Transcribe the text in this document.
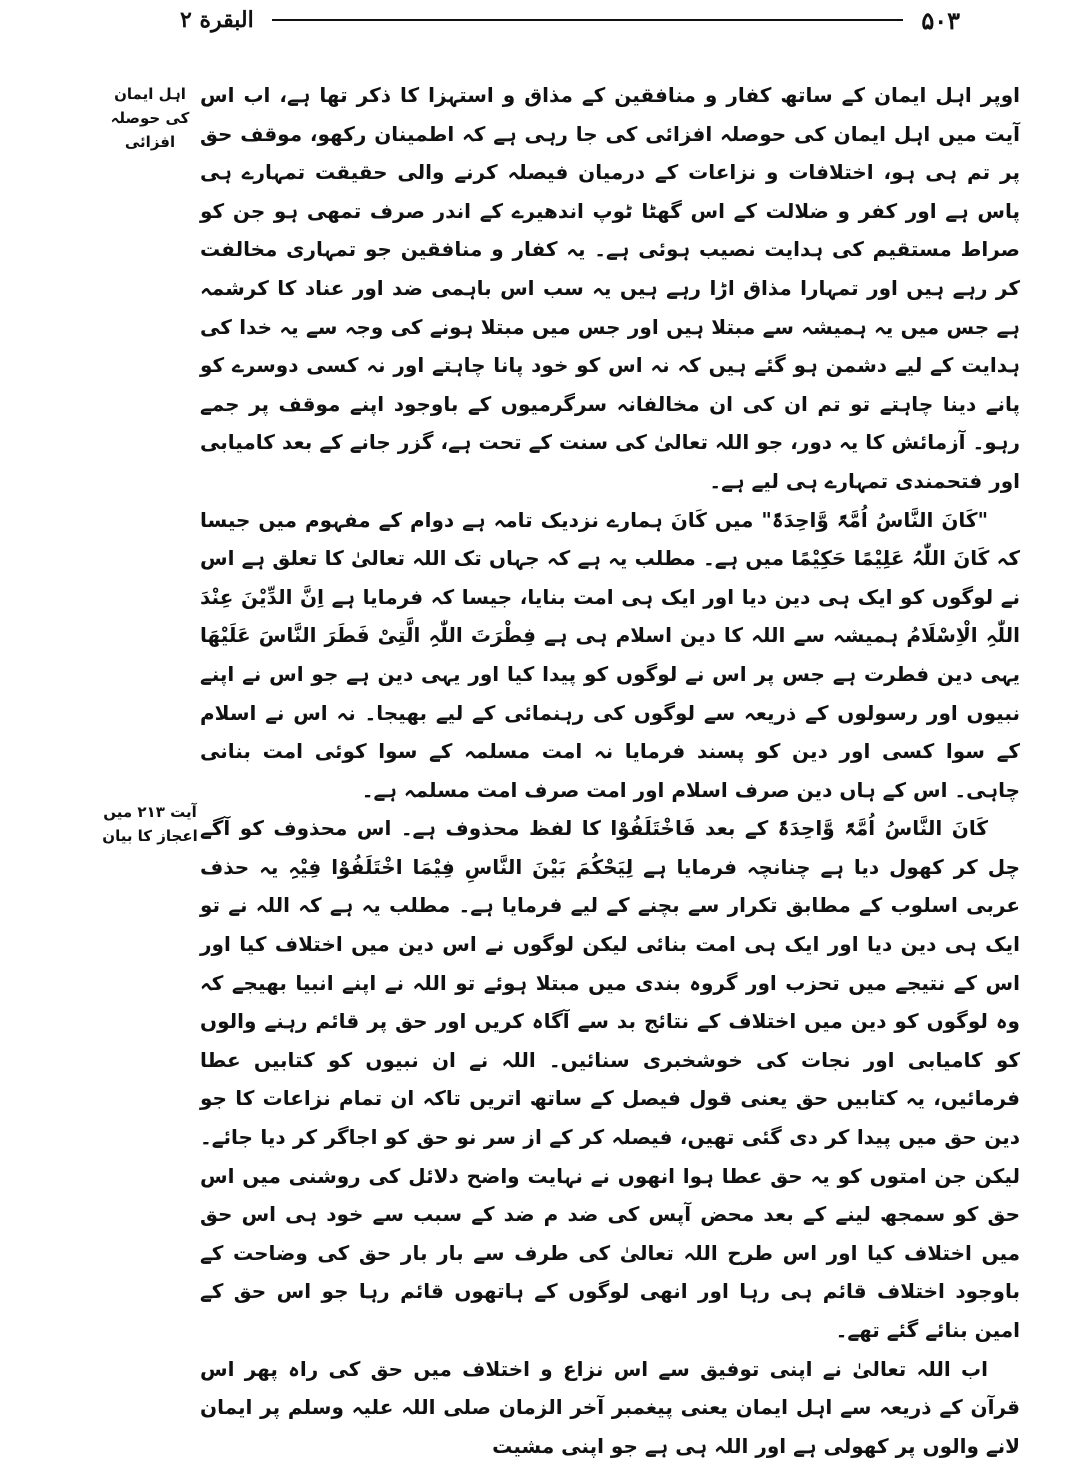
۵۰۳
البقرة ۲
اہل ایمان کی حوصلہ افزائی
آیت ۲۱۳ میں اعجاز کا بیان

اوپر اہل ایمان کے ساتھ کفار و منافقین کے مذاق و استہزا کا ذکر تھا ہے، اب اس آیت میں اہل ایمان کی حوصلہ افزائی کی جا رہی ہے کہ اطمینان رکھو، موقف حق پر تم ہی ہو، اختلافات و نزاعات کے درمیان فیصلہ کرنے والی حقیقت تمہارے ہی پاس ہے اور کفر و ضلالت کے اس گھٹا ٹوپ اندھیرے کے اندر صرف تمھی ہو جن کو صراط مستقیم کی ہدایت نصیب ہوئی ہے۔ یہ کفار و منافقین جو تمہاری مخالفت کر رہے ہیں اور تمہارا مذاق اڑا رہے ہیں یہ سب اس باہمی ضد اور عناد کا کرشمہ ہے جس میں یہ ہمیشہ سے مبتلا ہیں اور جس میں مبتلا ہونے کی وجہ سے یہ خدا کی ہدایت کے لیے دشمن ہو گئے ہیں کہ نہ اس کو خود پانا چاہتے اور نہ کسی دوسرے کو پانے دینا چاہتے تو تم ان کی ان مخالفانہ سرگرمیوں کے باوجود اپنے موقف پر جمے رہو۔ آزمائش کا یہ دور، جو اللہ تعالیٰ کی سنت کے تحت ہے، گزر جانے کے بعد کامیابی اور فتحمندی تمہارے ہی لیے ہے۔

"کَانَ النَّاسُ اُمَّۃً وَّاحِدَۃً" میں کَانَ ہمارے نزدیک تامہ ہے دوام کے مفہوم میں جیسا کہ کَانَ اللّٰہُ عَلِیْمًا حَکِیْمًا میں ہے۔ مطلب یہ ہے کہ جہاں تک اللہ تعالیٰ کا تعلق ہے اس نے لوگوں کو ایک ہی دین دیا اور ایک ہی امت بنایا، جیسا کہ فرمایا ہے اِنَّ الدِّیْنَ عِنْدَ اللّٰہِ الْاِسْلَامُ ہمیشہ سے اللہ کا دین اسلام ہی ہے فِطْرَتَ اللّٰہِ الَّتِیْ فَطَرَ النَّاسَ عَلَیْھَا یہی دین فطرت ہے جس پر اس نے لوگوں کو پیدا کیا اور یہی دین ہے جو اس نے اپنے نبیوں اور رسولوں کے ذریعہ سے لوگوں کی رہنمائی کے لیے بھیجا۔ نہ اس نے اسلام کے سوا کسی اور دین کو پسند فرمایا نہ امت مسلمہ کے سوا کوئی امت بنانی چاہی۔ اس کے ہاں دین صرف اسلام اور امت صرف امت مسلمہ ہے۔

کَانَ النَّاسُ اُمَّۃً وَّاحِدَۃً کے بعد فَاخْتَلَفُوْا کا لفظ محذوف ہے۔ اس محذوف کو آگے چل کر کھول دیا ہے چنانچہ فرمایا ہے لِیَحْکُمَ بَیْنَ النَّاسِ فِیْمَا اخْتَلَفُوْا فِیْہِ یہ حذف عربی اسلوب کے مطابق تکرار سے بچنے کے لیے فرمایا ہے۔ مطلب یہ ہے کہ اللہ نے تو ایک ہی دین دیا اور ایک ہی امت بنائی لیکن لوگوں نے اس دین میں اختلاف کیا اور اس کے نتیجے میں تحزب اور گروہ بندی میں مبتلا ہوئے تو اللہ نے اپنے انبیا بھیجے کہ وہ لوگوں کو دین میں اختلاف کے نتائج بد سے آگاہ کریں اور حق پر قائم رہنے والوں کو کامیابی اور نجات کی خوشخبری سنائیں۔ اللہ نے ان نبیوں کو کتابیں عطا فرمائیں، یہ کتابیں حق یعنی قول فیصل کے ساتھ اتریں تاکہ ان تمام نزاعات کا جو دین حق میں پیدا کر دی گئی تھیں، فیصلہ کر کے از سر نو حق کو اجاگر کر دیا جائے۔ لیکن جن امتوں کو یہ حق عطا ہوا انھوں نے نہایت واضح دلائل کی روشنی میں اس حق کو سمجھ لینے کے بعد محض آپس کی ضد م ضد کے سبب سے خود ہی اس حق میں اختلاف کیا اور اس طرح اللہ تعالیٰ کی طرف سے بار بار حق کی وضاحت کے باوجود اختلاف قائم ہی رہا اور انھی لوگوں کے ہاتھوں قائم رہا جو اس حق کے امین بنائے گئے تھے۔

اب اللہ تعالیٰ نے اپنی توفیق سے اس نزاع و اختلاف میں حق کی راہ پھر اس قرآن کے ذریعہ سے اہل ایمان یعنی پیغمبر آخر الزمان صلی اللہ علیہ وسلم پر ایمان لانے والوں پر کھولی ہے اور اللہ ہی ہے جو اپنی مشیت
